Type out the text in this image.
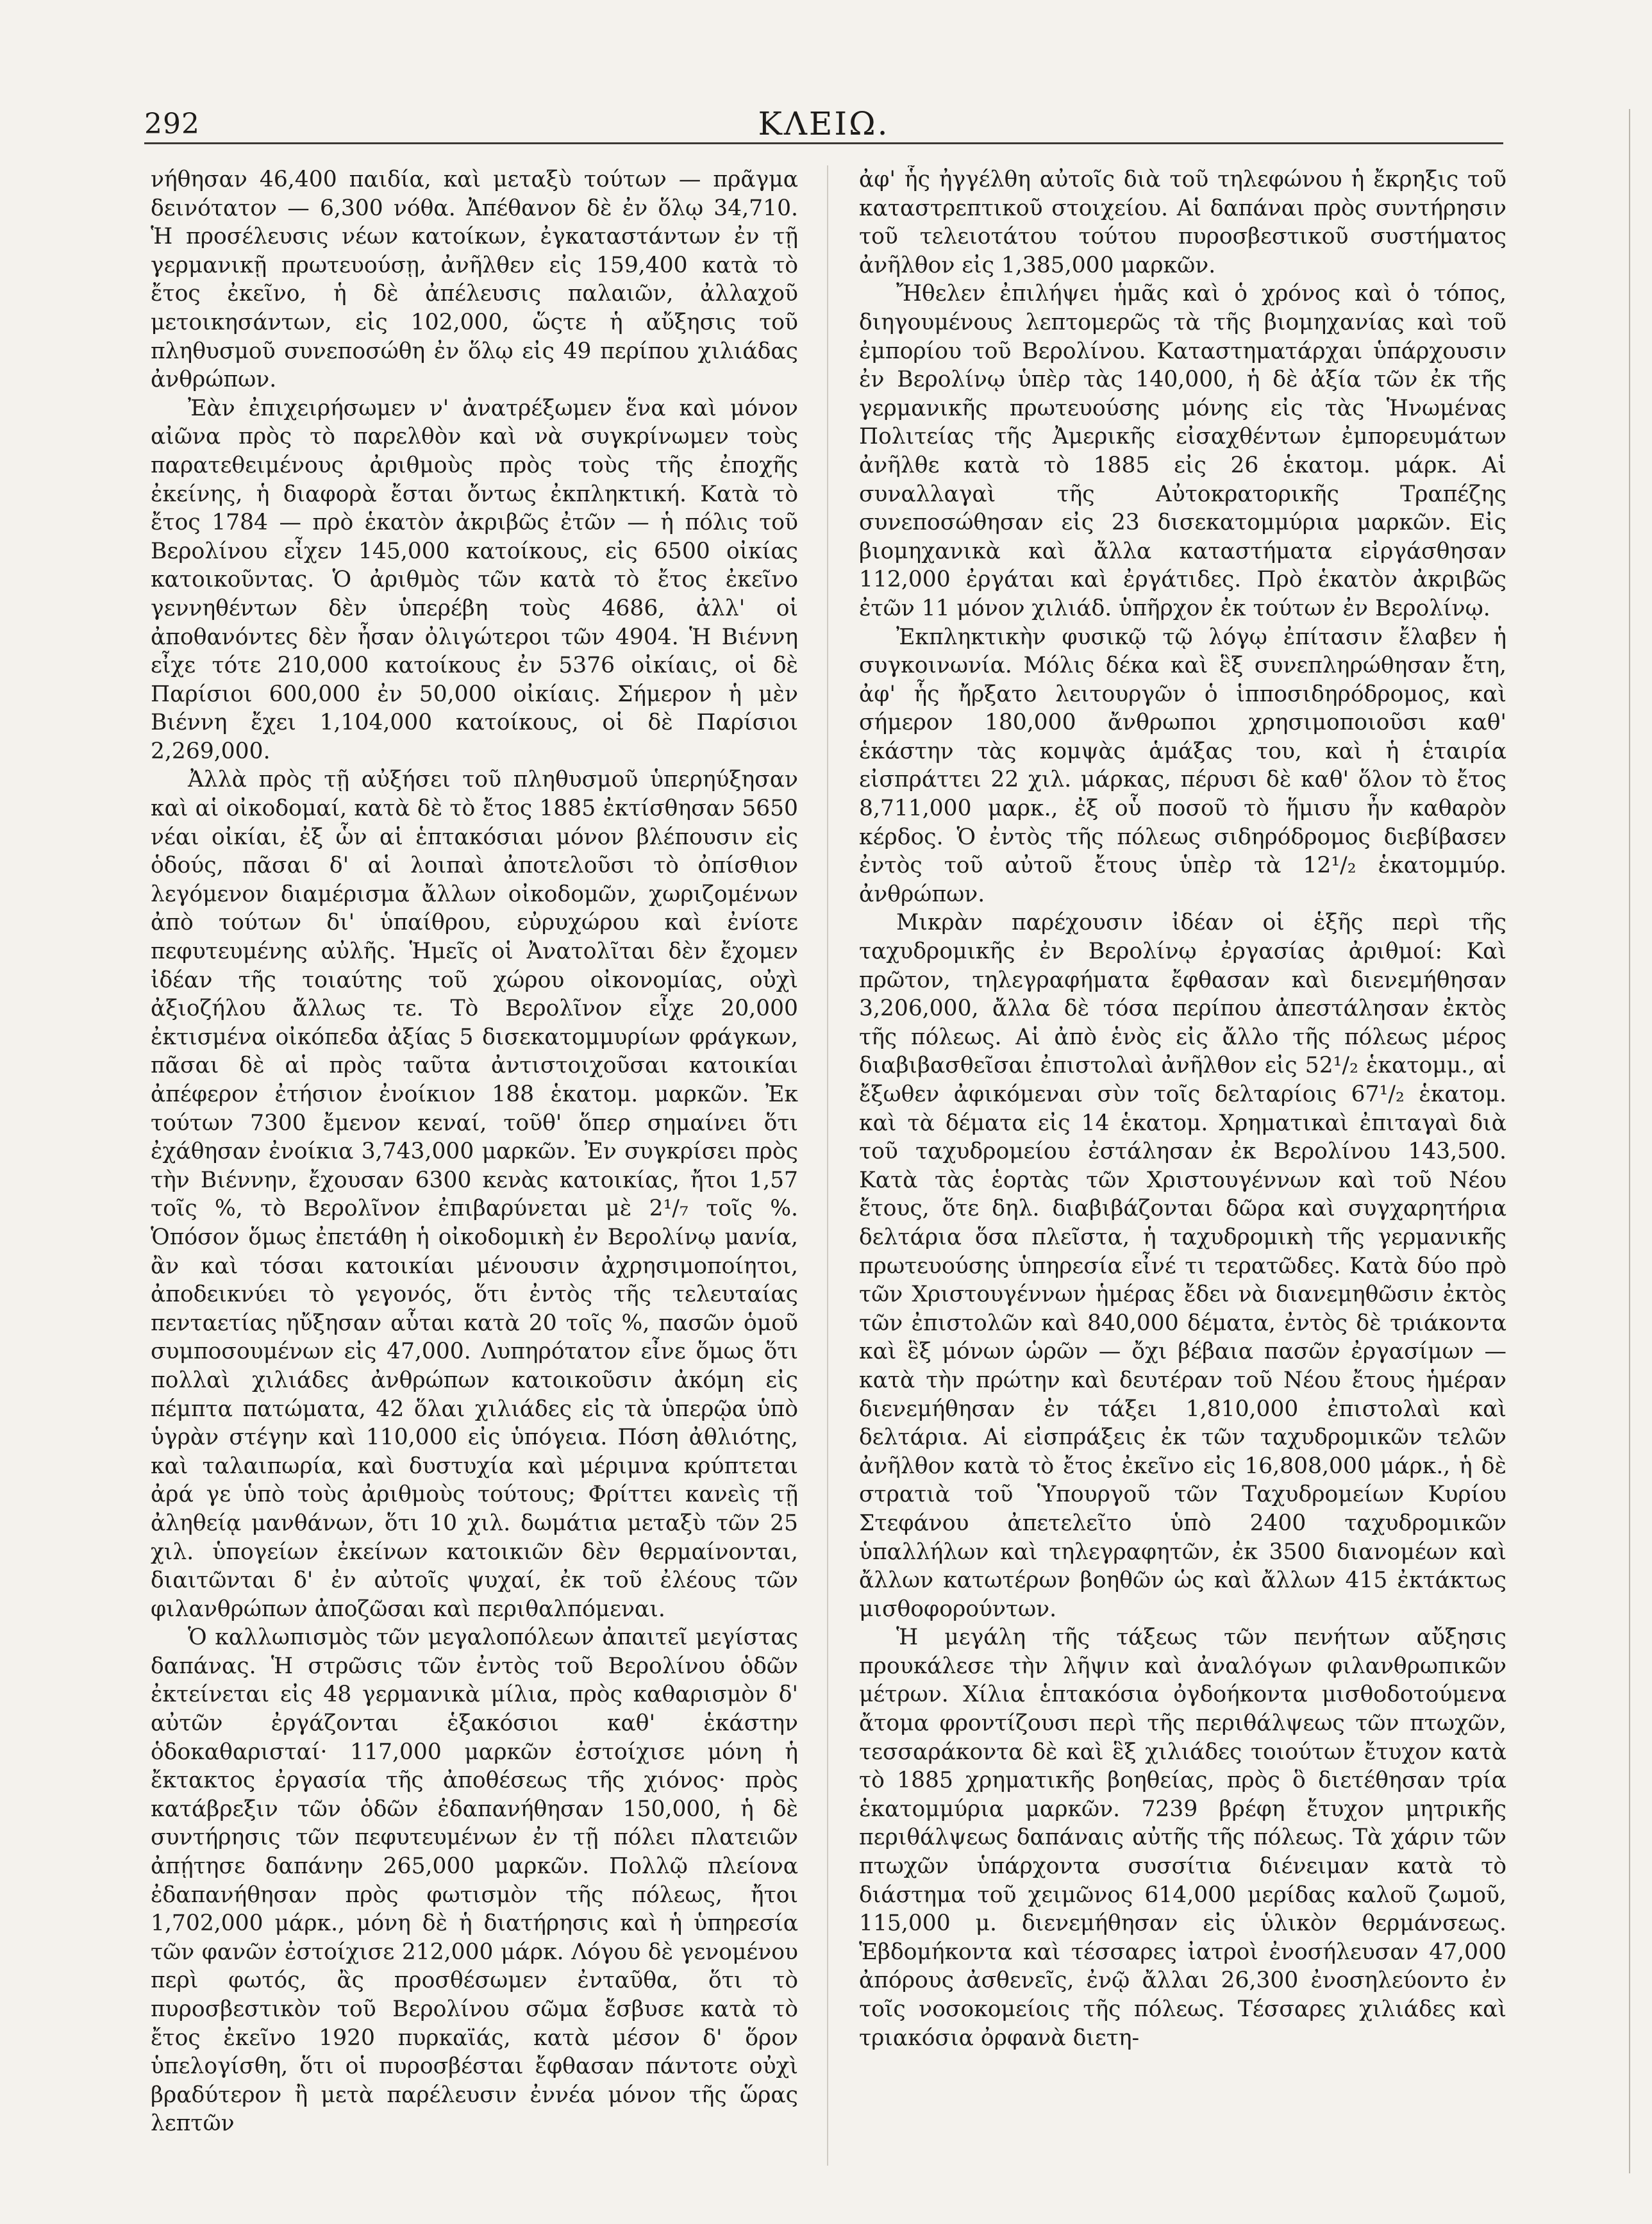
292	ΚΛΕΙΩ.

νήθησαν 46,400 παιδία, καὶ μεταξὺ τούτων — πρᾶγμα δεινότατον — 6,300 νόθα. Ἀπέθανον δὲ ἐν ὅλῳ 34,710. Ἡ προσέλευσις νέων κατοίκων, ἐγκαταστάντων ἐν τῇ γερμανικῇ πρωτευούσῃ, ἀνῆλθεν εἰς 159,400 κατὰ τὸ ἔτος ἐκεῖνο, ἡ δὲ ἀπέλευσις παλαιῶν, ἀλλαχοῦ μετοικησάντων, εἰς 102,000, ὥςτε ἡ αὔξησις τοῦ πληθυσμοῦ συνεποσώθη ἐν ὅλῳ εἰς 49 περίπου χιλιάδας ἀνθρώπων.

Ἐὰν ἐπιχειρήσωμεν ν' ἀνατρέξωμεν ἕνα καὶ μόνον αἰῶνα πρὸς τὸ παρελθὸν καὶ νὰ συγκρίνωμεν τοὺς παρατεθειμένους ἀριθμοὺς πρὸς τοὺς τῆς ἐποχῆς ἐκείνης, ἡ διαφορὰ ἔσται ὄντως ἐκπληκτική. Κατὰ τὸ ἔτος 1784 — πρὸ ἑκατὸν ἀκριβῶς ἐτῶν — ἡ πόλις τοῦ Βερολίνου εἶχεν 145,000 κατοίκους, εἰς 6500 οἰκίας κατοικοῦντας. Ὁ ἀριθμὸς τῶν κατὰ τὸ ἔτος ἐκεῖνο γεννηθέντων δὲν ὑπερέβη τοὺς 4686, ἀλλ' οἱ ἀποθανόντες δὲν ἦσαν ὀλιγώτεροι τῶν 4904. Ἡ Βιέννη εἶχε τότε 210,000 κατοίκους ἐν 5376 οἰκίαις, οἱ δὲ Παρίσιοι 600,000 ἐν 50,000 οἰκίαις. Σήμερον ἡ μὲν Βιέννη ἔχει 1,104,000 κατοίκους, οἱ δὲ Παρίσιοι 2,269,000.

Ἀλλὰ πρὸς τῇ αὐξήσει τοῦ πληθυσμοῦ ὑπερηύξησαν καὶ αἱ οἰκοδομαί, κατὰ δὲ τὸ ἔτος 1885 ἐκτίσθησαν 5650 νέαι οἰκίαι, ἐξ ὧν αἱ ἑπτακόσιαι μόνον βλέπουσιν εἰς ὁδούς, πᾶσαι δ' αἱ λοιπαὶ ἀποτελοῦσι τὸ ὀπίσθιον λεγόμενον διαμέρισμα ἄλλων οἰκοδομῶν, χωριζομένων ἀπὸ τούτων δι' ὑπαίθρου, εὐρυχώρου καὶ ἐνίοτε πεφυτευμένης αὐλῆς. Ἡμεῖς οἱ Ἀνατολῖται δὲν ἔχομεν ἰδέαν τῆς τοιαύτης τοῦ χώρου οἰκονομίας, οὐχὶ ἀξιοζήλου ἄλλως τε. Τὸ Βερολῖνον εἶχε 20,000 ἐκτισμένα οἰκόπεδα ἀξίας 5 δισεκατομμυρίων φράγκων, πᾶσαι δὲ αἱ πρὸς ταῦτα ἀντιστοιχοῦσαι κατοικίαι ἀπέφερον ἐτήσιον ἐνοίκιον 188 ἑκατομ. μαρκῶν. Ἐκ τούτων 7300 ἔμενον κεναί, τοῦθ' ὅπερ σημαίνει ὅτι ἐχάθησαν ἐνοίκια 3,743,000 μαρκῶν. Ἐν συγκρίσει πρὸς τὴν Βιέννην, ἔχουσαν 6300 κενὰς κατοικίας, ἤτοι 1,57 τοῖς %, τὸ Βερολῖνον ἐπιβαρύνεται μὲ 2¹/₇ τοῖς %. Ὁπόσον ὅμως ἐπετάθη ἡ οἰκοδομικὴ ἐν Βερολίνῳ μανία, ἂν καὶ τόσαι κατοικίαι μένουσιν ἀχρησιμοποίητοι, ἀποδεικνύει τὸ γεγονός, ὅτι ἐντὸς τῆς τελευταίας πενταετίας ηὔξησαν αὗται κατὰ 20 τοῖς %, πασῶν ὁμοῦ συμποσουμένων εἰς 47,000. Λυπηρότατον εἶνε ὅμως ὅτι πολλαὶ χιλιάδες ἀνθρώπων κατοικοῦσιν ἀκόμη εἰς πέμπτα πατώματα, 42 ὅλαι χιλιάδες εἰς τὰ ὑπερῷα ὑπὸ ὑγρὰν στέγην καὶ 110,000 εἰς ὑπόγεια. Πόση ἀθλιότης, καὶ ταλαιπωρία, καὶ δυστυχία καὶ μέριμνα κρύπτεται ἀρά γε ὑπὸ τοὺς ἀριθμοὺς τούτους; Φρίττει κανεὶς τῇ ἀληθείᾳ μανθάνων, ὅτι 10 χιλ. δωμάτια μεταξὺ τῶν 25 χιλ. ὑπογείων ἐκείνων κατοικιῶν δὲν θερμαίνονται, διαιτῶνται δ' ἐν αὐτοῖς ψυχαί, ἐκ τοῦ ἐλέους τῶν φιλανθρώπων ἀποζῶσαι καὶ περιθαλπόμεναι.

Ὁ καλλωπισμὸς τῶν μεγαλοπόλεων ἀπαιτεῖ μεγίστας δαπάνας. Ἡ στρῶσις τῶν ἐντὸς τοῦ Βερολίνου ὁδῶν ἐκτείνεται εἰς 48 γερμανικὰ μίλια, πρὸς καθαρισμὸν δ' αὐτῶν ἐργάζονται ἑξακόσιοι καθ' ἑκάστην ὁδοκαθαρισταί· 117,000 μαρκῶν ἐστοίχισε μόνη ἡ ἔκτακτος ἐργασία τῆς ἀποθέσεως τῆς χιόνος· πρὸς κατάβρεξιν τῶν ὁδῶν ἐδαπανήθησαν 150,000, ἡ δὲ συντήρησις τῶν πεφυτευμένων ἐν τῇ πόλει πλατειῶν ἀπῄτησε δαπάνην 265,000 μαρκῶν. Πολλῷ πλείονα ἐδαπανήθησαν πρὸς φωτισμὸν τῆς πόλεως, ἤτοι 1,702,000 μάρκ., μόνη δὲ ἡ διατήρησις καὶ ἡ ὑπηρεσία τῶν φανῶν ἐστοίχισε 212,000 μάρκ. Λόγου δὲ γενομένου περὶ φωτός, ἂς προσθέσωμεν ἐνταῦθα, ὅτι τὸ πυροσβεστικὸν τοῦ Βερολίνου σῶμα ἔσβυσε κατὰ τὸ ἔτος ἐκεῖνο 1920 πυρκαϊάς, κατὰ μέσον δ' ὅρον ὑπελογίσθη, ὅτι οἱ πυροσβέσται ἔφθασαν πάντοτε οὐχὶ βραδύτερον ἢ μετὰ παρέλευσιν ἐννέα μόνον τῆς ὥρας λεπτῶν

ἀφ' ἧς ἠγγέλθη αὐτοῖς διὰ τοῦ τηλεφώνου ἡ ἔκρηξις τοῦ καταστρεπτικοῦ στοιχείου. Αἱ δαπάναι πρὸς συντήρησιν τοῦ τελειοτάτου τούτου πυροσβεστικοῦ συστήματος ἀνῆλθον εἰς 1,385,000 μαρκῶν.

Ἤθελεν ἐπιλήψει ἡμᾶς καὶ ὁ χρόνος καὶ ὁ τόπος, διηγουμένους λεπτομερῶς τὰ τῆς βιομηχανίας καὶ τοῦ ἐμπορίου τοῦ Βερολίνου. Καταστηματάρχαι ὑπάρχουσιν ἐν Βερολίνῳ ὑπὲρ τὰς 140,000, ἡ δὲ ἀξία τῶν ἐκ τῆς γερμανικῆς πρωτευούσης μόνης εἰς τὰς Ἡνωμένας Πολιτείας τῆς Ἀμερικῆς εἰσαχθέντων ἐμπορευμάτων ἀνῆλθε κατὰ τὸ 1885 εἰς 26 ἑκατομ. μάρκ. Αἱ συναλλαγαὶ τῆς Αὐτοκρατορικῆς Τραπέζης συνεποσώθησαν εἰς 23 δισεκατομμύρια μαρκῶν. Εἰς βιομηχανικὰ καὶ ἄλλα καταστήματα εἰργάσθησαν 112,000 ἐργάται καὶ ἐργάτιδες. Πρὸ ἑκατὸν ἀκριβῶς ἐτῶν 11 μόνον χιλιάδ. ὑπῆρχον ἐκ τούτων ἐν Βερολίνῳ.

Ἐκπληκτικὴν φυσικῷ τῷ λόγῳ ἐπίτασιν ἔλαβεν ἡ συγκοινωνία. Μόλις δέκα καὶ ἓξ συνεπληρώθησαν ἔτη, ἀφ' ἧς ἤρξατο λειτουργῶν ὁ ἱπποσιδηρόδρομος, καὶ σήμερον 180,000 ἄνθρωποι χρησιμοποιοῦσι καθ' ἑκάστην τὰς κομψὰς ἁμάξας του, καὶ ἡ ἑταιρία εἰσπράττει 22 χιλ. μάρκας, πέρυσι δὲ καθ' ὅλον τὸ ἔτος 8,711,000 μαρκ., ἐξ οὗ ποσοῦ τὸ ἥμισυ ἦν καθαρὸν κέρδος. Ὁ ἐντὸς τῆς πόλεως σιδηρόδρομος διεβίβασεν ἐντὸς τοῦ αὐτοῦ ἔτους ὑπὲρ τὰ 12¹/₂ ἑκατομμύρ. ἀνθρώπων.

Μικρὰν παρέχουσιν ἰδέαν οἱ ἑξῆς περὶ τῆς ταχυδρομικῆς ἐν Βερολίνῳ ἐργασίας ἀριθμοί: Καὶ πρῶτον, τηλεγραφήματα ἔφθασαν καὶ διενεμήθησαν 3,206,000, ἄλλα δὲ τόσα περίπου ἀπεστάλησαν ἐκτὸς τῆς πόλεως. Αἱ ἀπὸ ἑνὸς εἰς ἄλλο τῆς πόλεως μέρος διαβιβασθεῖσαι ἐπιστολαὶ ἀνῆλθον εἰς 52¹/₂ ἑκατομμ., αἱ ἔξωθεν ἀφικόμεναι σὺν τοῖς δελταρίοις 67¹/₂ ἑκατομ. καὶ τὰ δέματα εἰς 14 ἑκατομ. Χρηματικαὶ ἐπιταγαὶ διὰ τοῦ ταχυδρομείου ἐστάλησαν ἐκ Βερολίνου 143,500. Κατὰ τὰς ἑορτὰς τῶν Χριστουγέννων καὶ τοῦ Νέου ἔτους, ὅτε δηλ. διαβιβάζονται δῶρα καὶ συγχαρητήρια δελτάρια ὅσα πλεῖστα, ἡ ταχυδρομικὴ τῆς γερμανικῆς πρωτευούσης ὑπηρεσία εἶνέ τι τερατῶδες. Κατὰ δύο πρὸ τῶν Χριστουγέννων ἡμέρας ἔδει νὰ διανεμηθῶσιν ἐκτὸς τῶν ἐπιστολῶν καὶ 840,000 δέματα, ἐντὸς δὲ τριάκοντα καὶ ἓξ μόνων ὡρῶν — ὄχι βέβαια πασῶν ἐργασίμων — κατὰ τὴν πρώτην καὶ δευτέραν τοῦ Νέου ἔτους ἡμέραν διενεμήθησαν ἐν τάξει 1,810,000 ἐπιστολαὶ καὶ δελτάρια. Αἱ εἰσπράξεις ἐκ τῶν ταχυδρομικῶν τελῶν ἀνῆλθον κατὰ τὸ ἔτος ἐκεῖνο εἰς 16,808,000 μάρκ., ἡ δὲ στρατιὰ τοῦ Ὑπουργοῦ τῶν Ταχυδρομείων Κυρίου Στεφάνου ἀπετελεῖτο ὑπὸ 2400 ταχυδρομικῶν ὑπαλλήλων καὶ τηλεγραφητῶν, ἐκ 3500 διανομέων καὶ ἄλλων κατωτέρων βοηθῶν ὡς καὶ ἄλλων 415 ἐκτάκτως μισθοφορούντων.

Ἡ μεγάλη τῆς τάξεως τῶν πενήτων αὔξησις προυκάλεσε τὴν λῆψιν καὶ ἀναλόγων φιλανθρωπικῶν μέτρων. Χίλια ἑπτακόσια ὀγδοήκοντα μισθοδοτούμενα ἄτομα φροντίζουσι περὶ τῆς περιθάλψεως τῶν πτωχῶν, τεσσαράκοντα δὲ καὶ ἓξ χιλιάδες τοιούτων ἔτυχον κατὰ τὸ 1885 χρηματικῆς βοηθείας, πρὸς ὃ διετέθησαν τρία ἑκατομμύρια μαρκῶν. 7239 βρέφη ἔτυχον μητρικῆς περιθάλψεως δαπάναις αὐτῆς τῆς πόλεως. Τὰ χάριν τῶν πτωχῶν ὑπάρχοντα συσσίτια διένειμαν κατὰ τὸ διάστημα τοῦ χειμῶνος 614,000 μερίδας καλοῦ ζωμοῦ, 115,000 μ. διενεμήθησαν εἰς ὑλικὸν θερμάνσεως. Ἑβδομήκοντα καὶ τέσσαρες ἰατροὶ ἐνοσήλευσαν 47,000 ἀπόρους ἀσθενεῖς, ἐνῷ ἄλλαι 26,300 ἐνοσηλεύοντο ἐν τοῖς νοσοκομείοις τῆς πόλεως. Τέσσαρες χιλιάδες καὶ τριακόσια ὀρφανὰ διετη-
